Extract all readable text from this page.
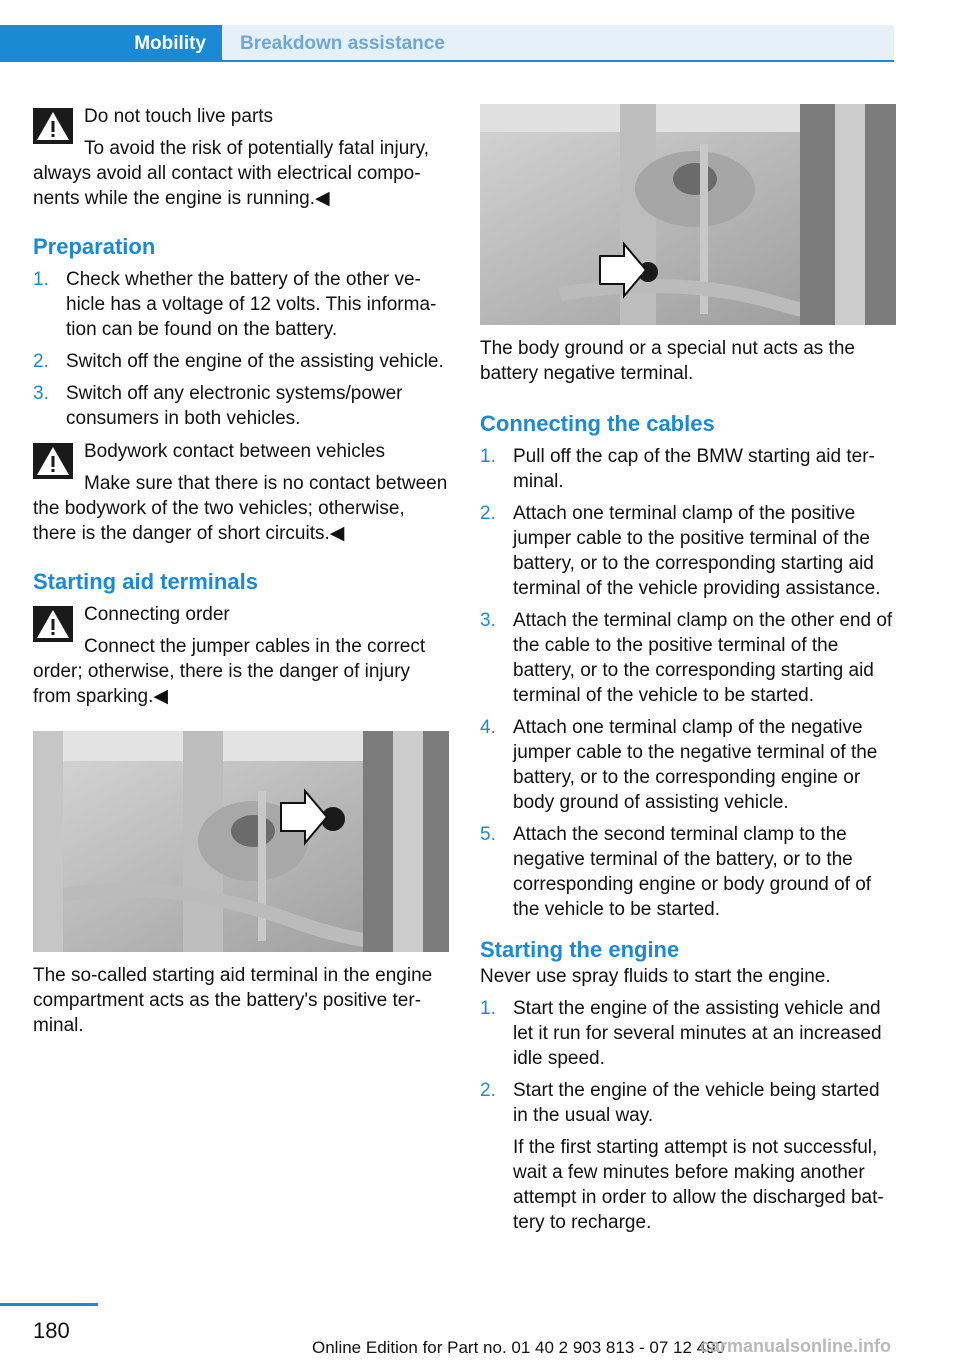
Mobility	Breakdown assistance
Do not touch live parts
To avoid the risk of potentially fatal injury, always avoid all contact with electrical components while the engine is running.◀
Preparation
1. Check whether the battery of the other vehicle has a voltage of 12 volts. This information can be found on the battery.
2. Switch off the engine of the assisting vehicle.
3. Switch off any electronic systems/power consumers in both vehicles.
Bodywork contact between vehicles
Make sure that there is no contact between the bodywork of the two vehicles; otherwise, there is the danger of short circuits.◀
Starting aid terminals
Connecting order
Connect the jumper cables in the correct order; otherwise, there is the danger of injury from sparking.◀
The so-called starting aid terminal in the engine compartment acts as the battery's positive terminal.
The body ground or a special nut acts as the battery negative terminal.
Connecting the cables
1. Pull off the cap of the BMW starting aid terminal.
2. Attach one terminal clamp of the positive jumper cable to the positive terminal of the battery, or to the corresponding starting aid terminal of the vehicle providing assistance.
3. Attach the terminal clamp on the other end of the cable to the positive terminal of the battery, or to the corresponding starting aid terminal of the vehicle to be started.
4. Attach one terminal clamp of the negative jumper cable to the negative terminal of the battery, or to the corresponding engine or body ground of assisting vehicle.
5. Attach the second terminal clamp to the negative terminal of the battery, or to the corresponding engine or body ground of of the vehicle to be started.
Starting the engine

Never use spray fluids to start the engine.

1. Start the engine of the assisting vehicle and let it run for several minutes at an increased idle speed.
2. Start the engine of the vehicle being started in the usual way.
If the first starting attempt is not successful, wait a few minutes before making another attempt in order to allow the discharged battery to recharge.
180
Online Edition for Part no. 01 40 2 903 813 - 07 12 490
carmanualsonline.info
